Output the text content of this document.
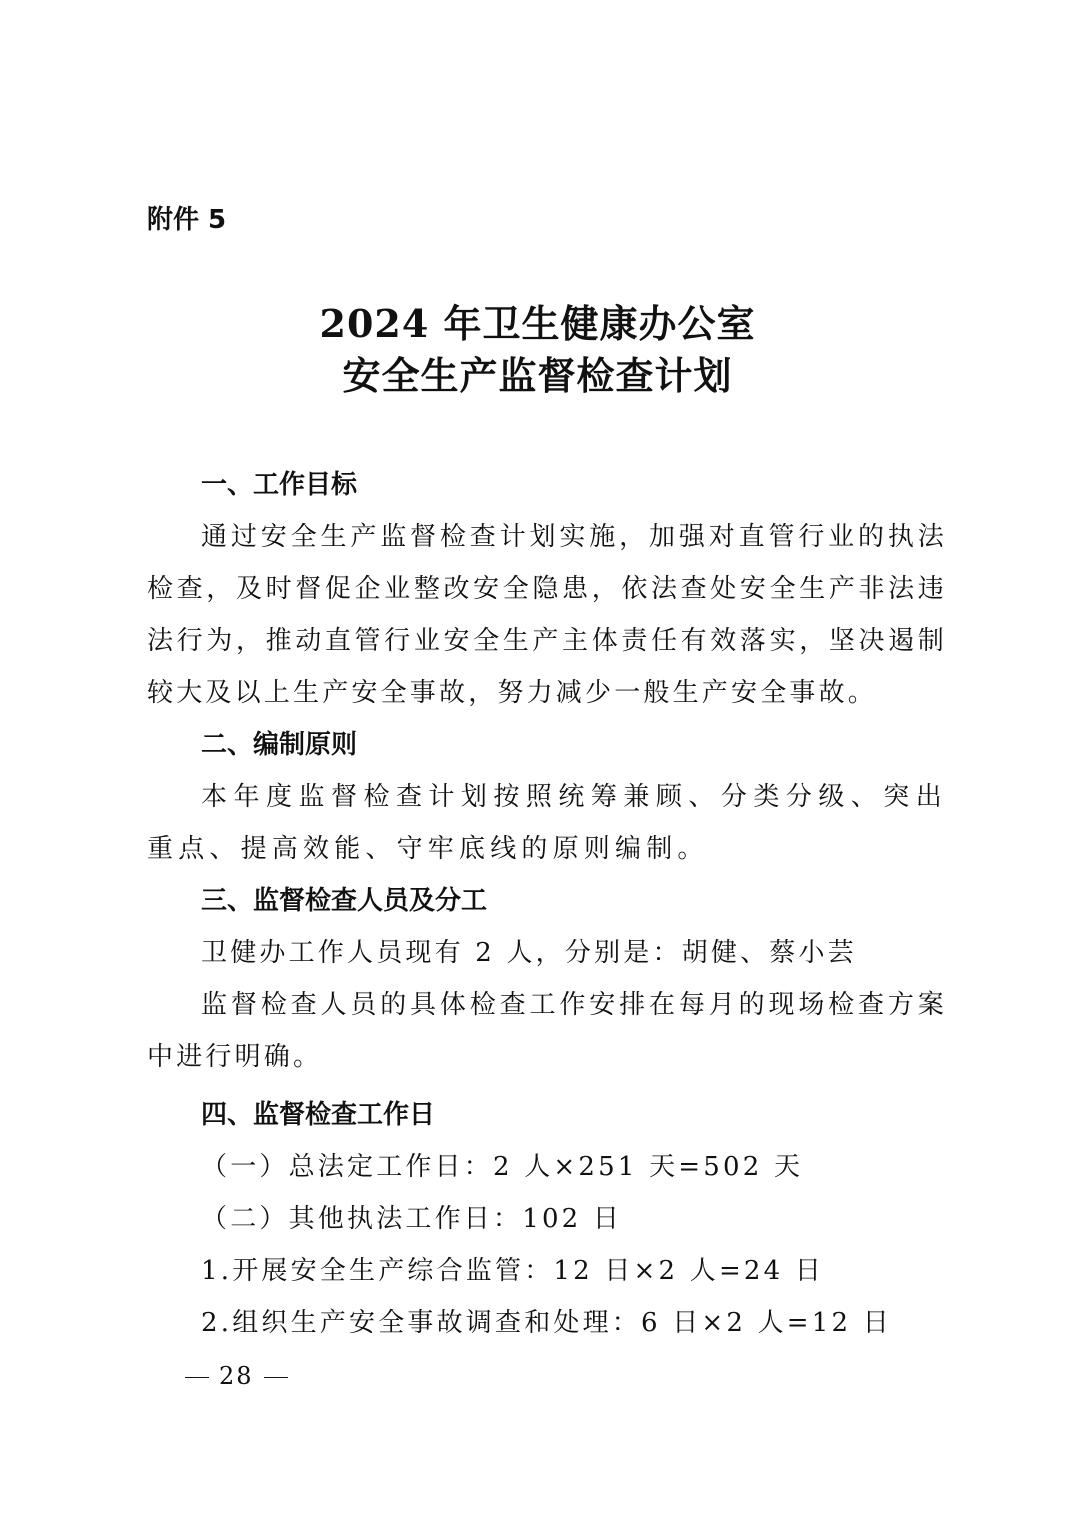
附件 5

2024 年卫生健康办公室
安全生产监督检查计划
一、工作目标

通过安全生产监督检查计划实施，加强对直管行业的执法检查，及时督促企业整改安全隐患，依法查处安全生产非法违法行为，推动直管行业安全生产主体责任有效落实，坚决遏制较大及以上生产安全事故，努力减少一般生产安全事故。

二、编制原则

本年度监督检查计划按照统筹兼顾、分类分级、突出重点、提高效能、守牢底线的原则编制。

三、监督检查人员及分工

卫健办工作人员现有 2 人，分别是：胡健、蔡小芸

监督检查人员的具体检查工作安排在每月的现场检查方案中进行明确。

四、监督检查工作日

（一）总法定工作日：2 人×251 天=502 天

（二）其他执法工作日：102 日

1.开展安全生产综合监管：12 日×2 人=24 日

2.组织生产安全事故调查和处理：6 日×2 人=12 日

28
